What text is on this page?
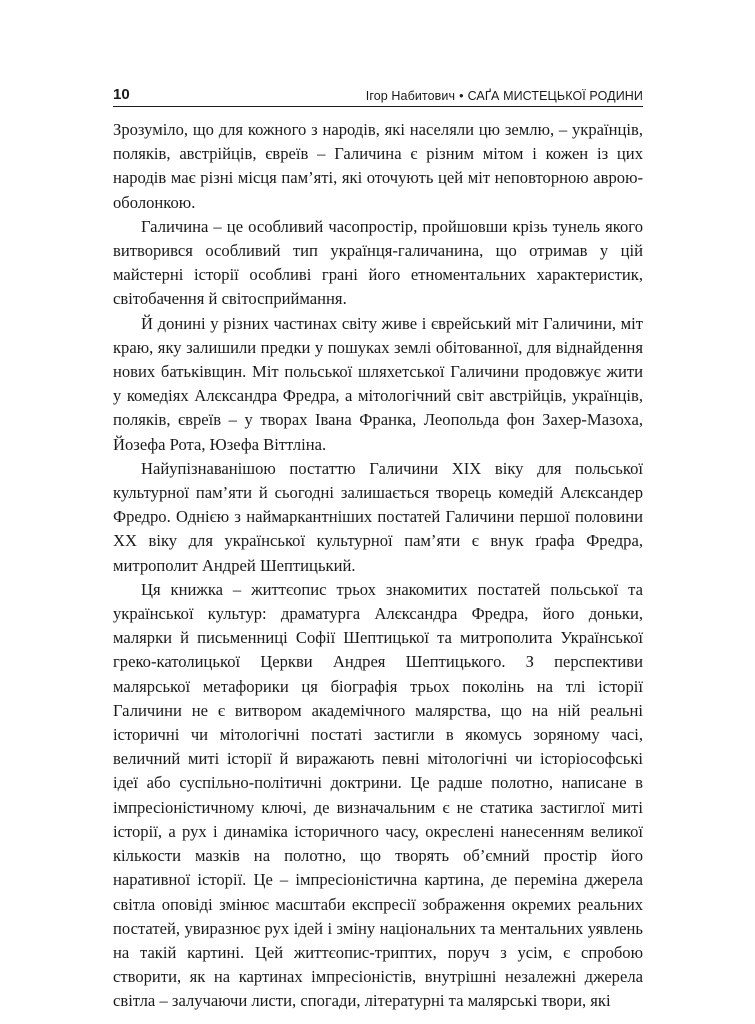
10	Ігор Набитович • САҐА МИСТЕЦЬКОЇ РОДИНИ

Зрозуміло, що для кожного з народів, які населяли цю землю, – українців, поляків, австрійців, євреїв – Галичина є різним мітом і кожен із цих народів має різні місця пам’яті, які оточують цей міт неповторною аврою-оболонкою.

Галичина – це особливий часопростір, пройшовши крізь тунель якого витворився особливий тип українця-галичанина, що отримав у цій майстерні історії особливі грані його етноментальних характеристик, світобачення й світосприймання.

Й донині у різних частинах світу живе і єврейський міт Галичини, міт краю, яку залишили предки у пошуках землі обітованної, для віднайдення нових батьківщин. Міт польської шляхетської Галичини продовжує жити у комедіях Алєксандра Фредра, а мітологічний світ австрійців, українців, поляків, євреїв – у творах Івана Франка, Леопольда фон Захер-Мазоха, Йозефа Рота, Юзефа Віттліна.

Найупізнаванішою постаттю Галичини ХІХ віку для польської культурної пам’яти й сьогодні залишається творець комедій Алєксандер Фредро. Однією з наймаркантніших постатей Галичини першої половини ХХ віку для української культурної пам’яти є внук ґрафа Фредра, митрополит Андрей Шептицький.

Ця книжка – життєопис трьох знакомитих постатей польської та української культур: драматурга Алєксандра Фредра, його доньки, малярки й письменниці Софії Шептицької та митрополита Української греко-католицької Церкви Андрея Шептицького. З перспективи малярської метафорики ця біографія трьох поколінь на тлі історії Галичини не є витвором академічного малярства, що на ній реальні історичні чи мітологічні постаті застигли в якомусь зоряному часі, величний миті історії й виражають певні мітологічні чи історіософські ідеї або суспільно-політичні доктрини. Це радше полотно, написане в імпресіоністичному ключі, де визначальним є не статика застиглої миті історії, а рух і динаміка історичного часу, окреслені нанесенням великої кількости мазків на полотно, що творять об’ємний простір його наративної історії. Це – імпресіоністична картина, де переміна джерела світла оповіді змінює масштаби експресії зображення окремих реальних постатей, увиразнює рух ідей і зміну національних та ментальних уявлень на такій картині. Цей життєопис-триптих, поруч з усім, є спробою створити, як на картинах імпресіоністів, внутрішні незалежні джерела світла – залучаючи листи, спогади, літературні та малярські твори, які
